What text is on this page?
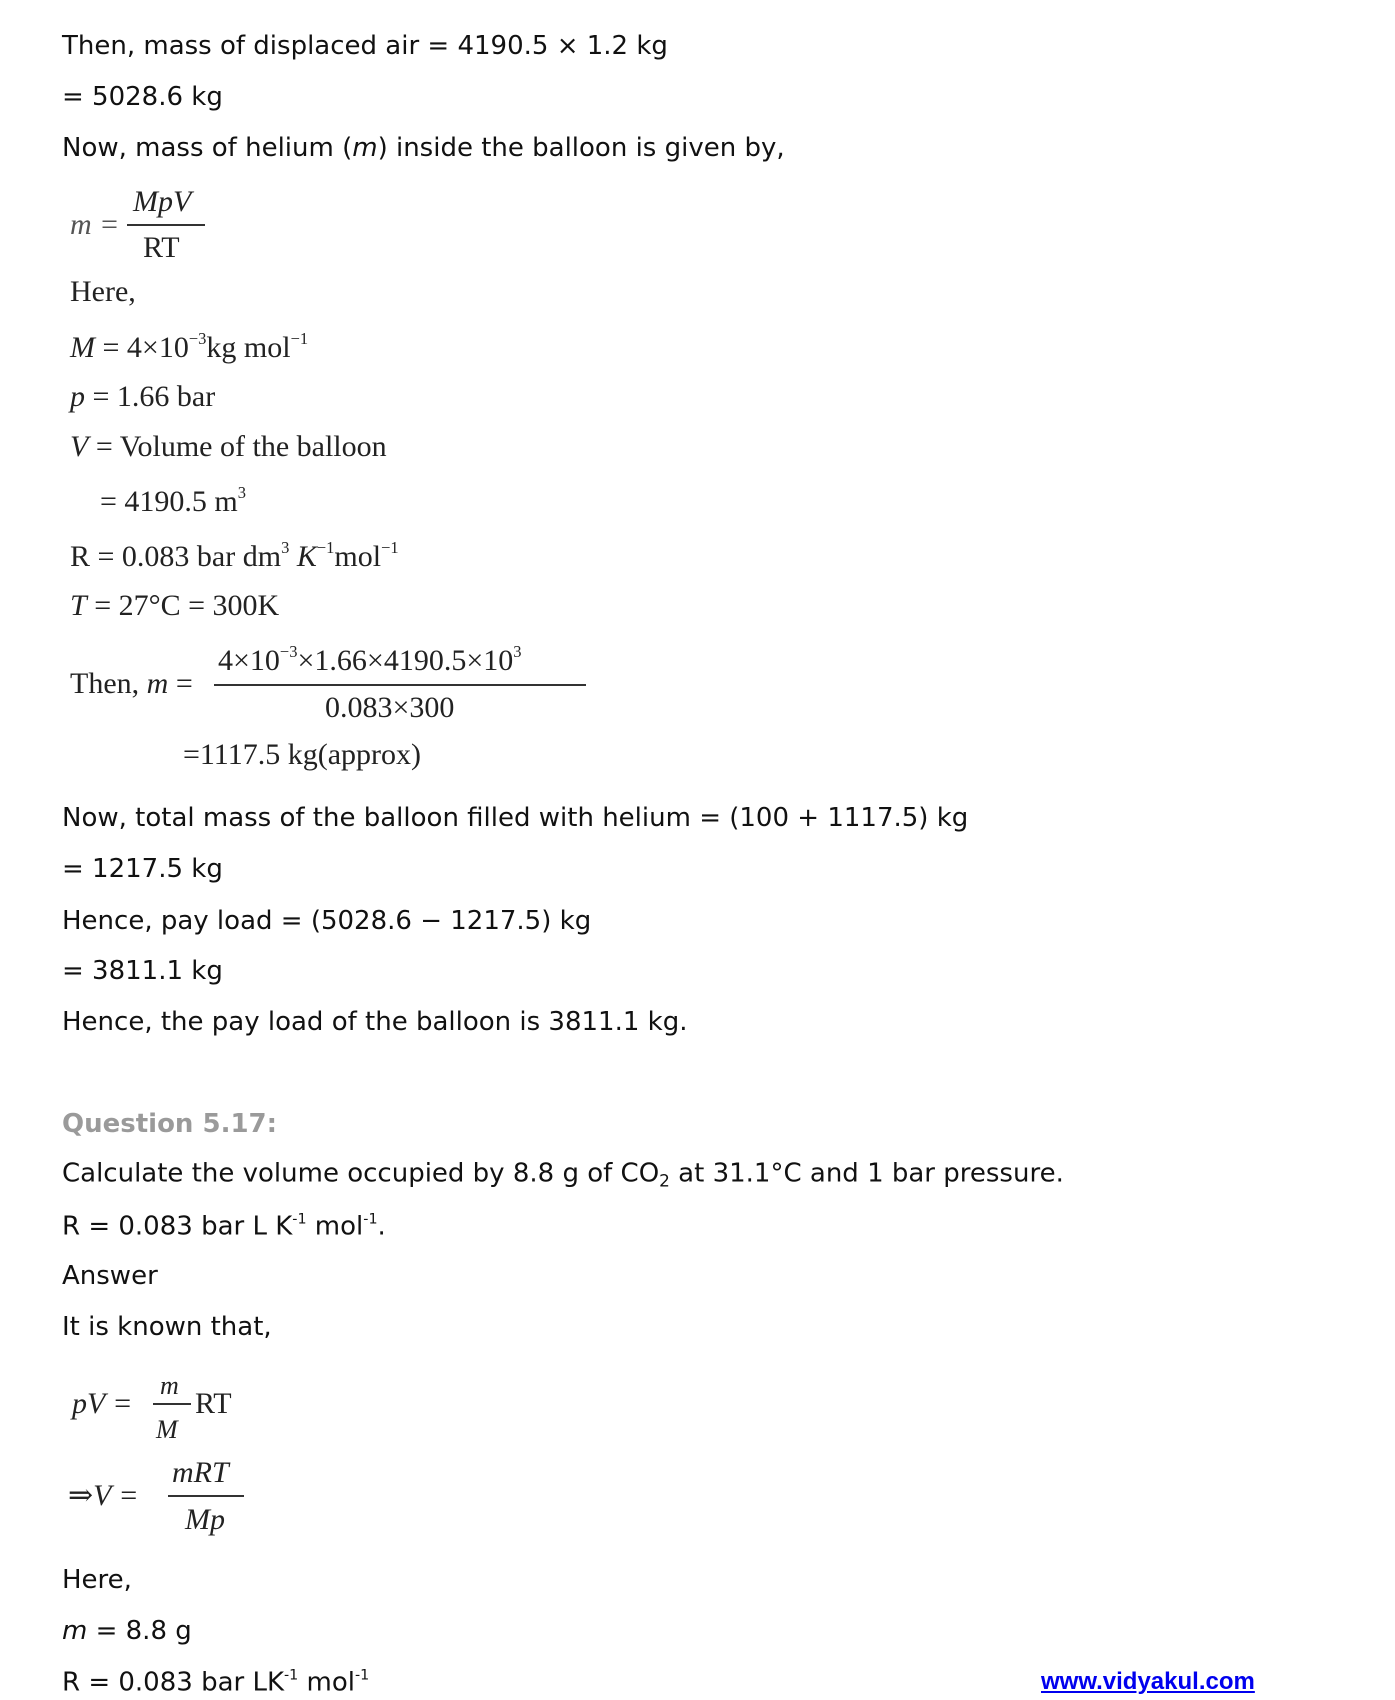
Then, mass of displaced air = 4190.5 × 1.2 kg
= 5028.6 kg
Now, mass of helium (m) inside the balloon is given by,
m =
MpV
RT
Here,
$M = 4\times 10^{-3}kg$ mol$^{-1}$
p = 1.66 bar
V = Volume of the balloon
= 4190.5 $m^3$
R = 0.083 bar $dm^3$ $K^{-1}mol^{-1}$
T = 27°C = 300K
Then, m =
$4\times 10^{-3}\times 1.66\times 4190.5\times 10^3$
0.083×300
=1117.5 kg(approx)
Now, total mass of the balloon filled with helium = (100 + 1117.5) kg
= 1217.5 kg
Hence, pay load = (5028.6 − 1217.5) kg
= 3811.1 kg
Hence, the pay load of the balloon is 3811.1 kg.
Question 5.17:
Calculate the volume occupied by 8.8 g of $CO_2$ at 31.1°C and 1 bar pressure.
R = 0.083 bar L $K^{-1}$ mol$^{-1}$.
Answer
It is known that,
pV =
m
M
RT
⇒V =
mRT
Mp
Here,
m = 8.8 g
R = 0.083 bar $LK^{-1}$ mol$^{-1}$	www.vidyakul.com
